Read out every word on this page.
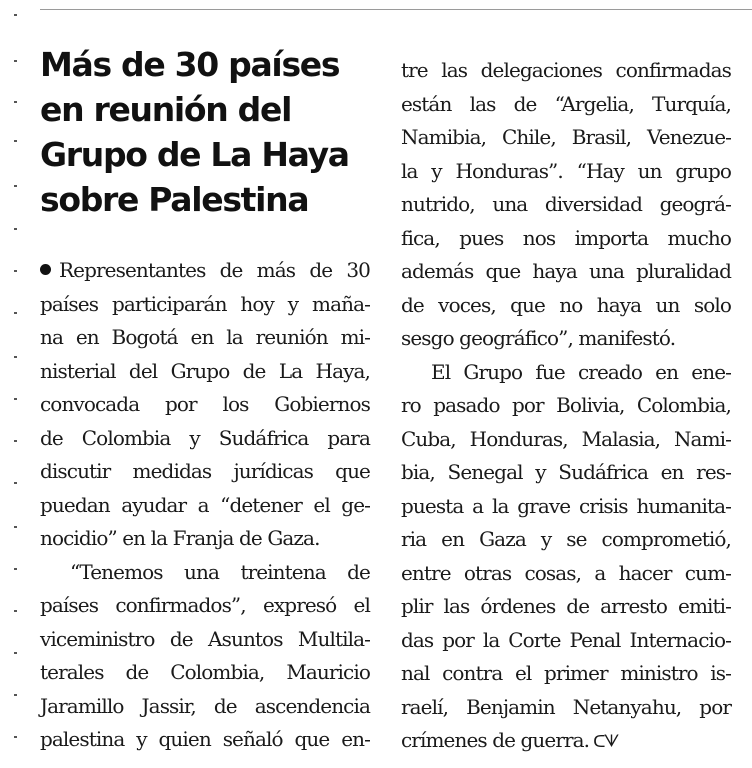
Más de 30 países
en reunión del
Grupo de La Haya
sobre Palestina
Representantes de más de 30
países participarán hoy y maña-
na en Bogotá en la reunión mi-
nisterial del Grupo de La Haya,
convocada por los Gobiernos
de Colombia y Sudáfrica para
discutir medidas jurídicas que
puedan ayudar a “detener el ge-
nocidio” en la Franja de Gaza.
“Tenemos una treintena de
países confirmados”, expresó el
viceministro de Asuntos Multila-
terales de Colombia, Mauricio
Jaramillo Jassir, de ascendencia
palestina y quien señaló que en-
tre las delegaciones confirmadas
están las de “Argelia, Turquía,
Namibia, Chile, Brasil, Venezue-
la y Honduras”. “Hay un grupo
nutrido, una diversidad geográ-
fica, pues nos importa mucho
además que haya una pluralidad
de voces, que no haya un solo
sesgo geográfico”, manifestó.
El Grupo fue creado en ene-
ro pasado por Bolivia, Colombia,
Cuba, Honduras, Malasia, Nami-
bia, Senegal y Sudáfrica en res-
puesta a la grave crisis humanita-
ria en Gaza y se comprometió,
entre otras cosas, a hacer cum-
plir las órdenes de arresto emiti-
das por la Corte Penal Internacio-
nal contra el primer ministro is-
raelí, Benjamin Netanyahu, por
crímenes de guerra. ᑕᗐ
